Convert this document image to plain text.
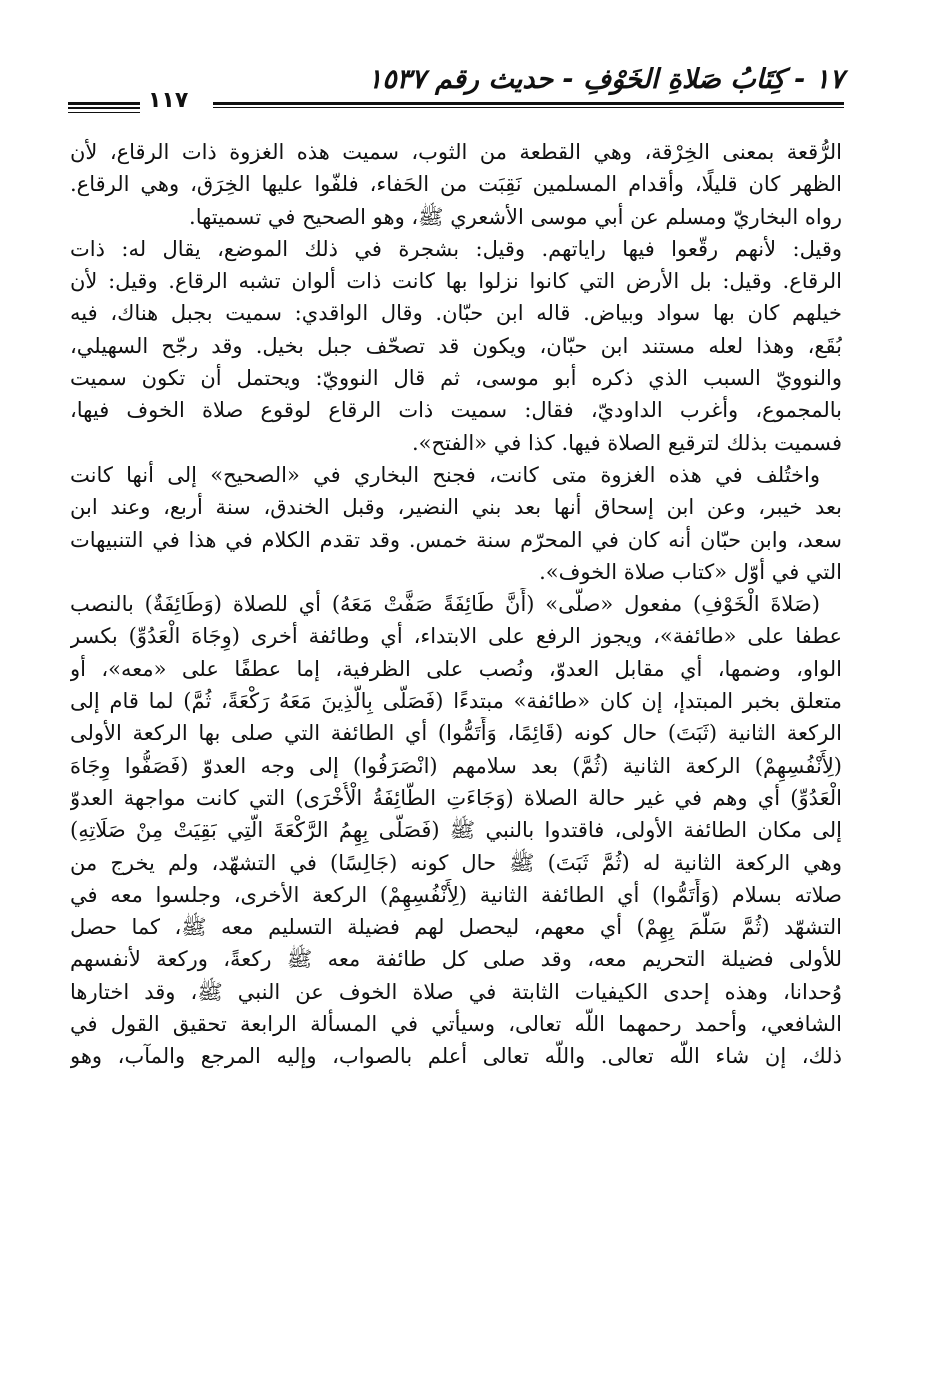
١٧ - كِتَابُ صَلاةِ الخَوْفِ - حديث رقم ١٥٣٧
١١٧
الرُّقعة بمعنى الخِرْقة، وهي القطعة من الثوب، سميت هذه الغزوة ذات الرقاع، لأن
الظهر كان قليلًا، وأقدام المسلمين نَقِبَت من الحَفاء، فلفّوا عليها الخِرَق، وهي الرقاع.
رواه البخاريّ ومسلم عن أبي موسى الأشعري ﷺ، وهو الصحيح في تسميتها.
وقيل: لأنهم رقّعوا فيها راياتهم. وقيل: بشجرة في ذلك الموضع، يقال له: ذات
الرقاع. وقيل: بل الأرض التي كانوا نزلوا بها كانت ذات ألوان تشبه الرقاع. وقيل: لأن
خيلهم كان بها سواد وبياض. قاله ابن حبّان. وقال الواقدي: سميت بجبل هناك، فيه
بُقَع، وهذا لعله مستند ابن حبّان، ويكون قد تصحّف جبل بخيل. وقد رجّح السهيلي،
والنوويّ السبب الذي ذكره أبو موسى، ثم قال النوويّ: ويحتمل أن تكون سميت
بالمجموع، وأغرب الداوديّ، فقال: سميت ذات الرقاع لوقوع صلاة الخوف فيها،
فسميت بذلك لترقيع الصلاة فيها. كذا في «الفتح».
واختُلف في هذه الغزوة متى كانت، فجنح البخاري في «الصحيح» إلى أنها كانت
بعد خيبر، وعن ابن إسحاق أنها بعد بني النضير، وقبل الخندق، سنة أربع، وعند ابن
سعد، وابن حبّان أنه كان في المحرّم سنة خمس. وقد تقدم الكلام في هذا في التنبيهات
التي في أوّل «كتاب صلاة الخوف».
(صَلاةَ الْخَوْفِ) مفعول «صلّى» (أَنَّ طَائِفَةً صَفَّتْ مَعَهُ) أي للصلاة (وَطَائِفَةٌ) بالنصب
عطفا على «طائفة»، ويجوز الرفع على الابتداء، أي وطائفة أخرى (وِجَاهَ الْعَدُوِّ) بكسر
الواو، وضمها، أي مقابل العدوّ، ونُصب على الظرفية، إما عطفًا على «معه»، أو
متعلق بخبر المبتدإ، إن كان «طائفة» مبتدءًا (فَصَلَّى بِالَّذِينَ مَعَهُ رَكْعَةً، ثُمَّ) لما قام إلى
الركعة الثانية (ثَبَتَ) حال كونه (قَائِمًا، وَأَتَمُّوا) أي الطائفة التي صلى بها الركعة الأولى
(لِأَنْفُسِهِمْ) الركعة الثانية (ثُمَّ) بعد سلامهم (انْصَرَفُوا) إلى وجه العدوّ (فَصَفُّوا وِجَاهَ
الْعَدُوِّ) أي وهم في غير حالة الصلاة (وَجَاءَتِ الطَّائِفَةُ الْأُخْرَى) التي كانت مواجهة العدوّ
إلى مكان الطائفة الأولى، فاقتدوا بالنبي ﷺ (فَصَلَّى بِهِمُ الرَّكْعَةَ الَّتِي بَقِيَتْ مِنْ صَلَاتِهِ)
وهي الركعة الثانية له (ثُمَّ ثَبَتَ) ﷺ حال كونه (جَالِسًا) في التشهّد، ولم يخرج من
صلاته بسلام (وَأَتَمُّوا) أي الطائفة الثانية (لِأَنْفُسِهِمْ) الركعة الأخرى، وجلسوا معه في
التشهّد (ثُمَّ سَلَّمَ بِهِمْ) أي معهم، ليحصل لهم فضيلة التسليم معه ﷺ، كما حصل
للأولى فضيلة التحريم معه، وقد صلى كل طائفة معه ﷺ ركعةً، وركعة لأنفسهم
وُحدانا، وهذه إحدى الكيفيات الثابتة في صلاة الخوف عن النبي ﷺ، وقد اختارها
الشافعي، وأحمد رحمهما اللّه تعالى، وسيأتي في المسألة الرابعة تحقيق القول في
ذلك، إن شاء اللّه تعالى. واللّه تعالى أعلم بالصواب، وإليه المرجع والمآب، وهو
